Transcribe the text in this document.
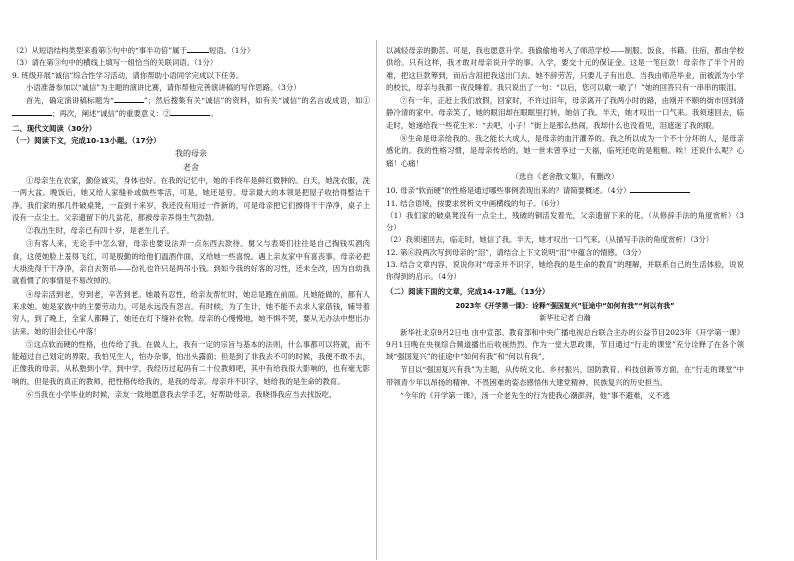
（2）从短语结构类型来看第⑤句中的“事半功倍”属于	短语。（1分）

（3）请在第③句中的横线上填写一组恰当的关联词语。（1分）

9. 班级开展“诚信”综合性学习活动，请你帮助小语同学完成以下任务。

小语准备参加以“诚信”为主题的演讲比赛，请你帮他完善演讲稿的写作思路。（3分）

首先，确定演讲稿标题为“	”；然后搜集有关“诚信”的资料，如有关“诚信”的名言或成语，如①；再次，阐述“诚信”的重要意义：②	。

二、现代文阅读（30分）

（一）阅读下文，完成10-13小题。（17分）

我的母亲

老舍

①母亲生在农家，勤俭诚实，身体也好。在我的记忆中，她的手终年是鲜红微肿的。白天，她洗衣服，洗一两大盆。晚饭后，她又给人家缝补或做些零活，可是，她还是穷。母亲最大的本领是把屋子收拾得整洁干净。我们家的那几件破桌凳，一直到十来岁，我还没有用过一件新的，可是母亲把它们擦得干干净净，桌子上没有一点尘土。父亲遗留下的几盆花，都被母亲养得生气勃勃。

②我出生时，母亲已有四十岁，是老生儿子。

③有客人来，无论手中怎么窘，母亲也要设法弄一点东西去款待。舅父与表哥们往往是自己掏钱买酒肉食，这使她脸上羞得飞红，可是殷勤的给他们温酒作面，又给她一些喜悦。遇上亲友家中有喜丧事，母亲必把大褂洗得干干净净，亲自去贺吊——份礼也许只是两吊小钱。到如今我的好客的习性，还未全改，因为自幼我就看惯了的事情是不易改掉的。

④母亲活到老，穷到老，辛苦到老。她最有忍性，给亲友帮忙时，她总是跑在前面。凡她能做的，都有人来求她。她是家族中的主要劳动力，可是永远没有怨言。有时候，为了生计，她不能不去求人家借钱，辅导着穷人，到了晚上，全家人都睡了，她还在灯下缝补衣物。母亲的心慢慢地，她不惧不哭，要从无办法中想出办法来。她的泪会往心中落！

⑤这点软而硬的性格，也传给了我。在做人上，我有一定的宗旨与基本的法则，什么事都可以将就，而不能超过自己划定的界限。我怕见生人，怕办杂事，怕出头露面；但是到了非我去不可的时候，我便不敢不去，正像我的母亲。从私塾到小学，到中学，我经历过起码有二十位教师吧，其中有给我很大影响的，也有毫无影响的，但是我的真正的教师，把性格传给我的，是我的母亲。母亲并不识字，她给我的是生命的教育。

⑥当我在小学毕业的时候，亲友一致地愿意我去学手艺，好帮助母亲。我晓得我应当去找饭吃，

以减轻母亲的勤苦。可是，我也愿意升学。我偷偷地考入了师范学校——制服、饭食、书籍、住宿，都由学校供给。只有这样，我才敢对母亲说升学的事。入学，要交十元的保证金。这是一笔巨款！母亲作了半个月的难，把这巨款筹到，而后含泪把我送出门去。她不辞劳苦，只要儿子有出息。当我由师范毕业，而被派为小学的校长，母亲与我都一夜没睡着。我只说出了一句：“以后，您可以歇一歇了！”她的回答只有一串串的眼泪。

⑦有一年，正赶上我们放假，回家时，不许过旧年，母亲离开了我两小时的路，由刚开不顺的街市回到清静冷清的家中。母亲笑了，她的眼泪却在眼眶里打转，她信了我。半天，她才叹出一口气来。我须速回去，临走时，她递给我一些花生米：“去吧，小子！”街上是那么热闹，我却什么也没看见，泪遮迷了我的眼。

⑧生命是母亲给我的。我之能长大成人，是母亲的血汗灌养的。我之所以成为一个不十分坏的人，是母亲感化的。我的性格习惯，是母亲传给的。她一世未曾享过一天福，临死还吃的是粗粮。唉！还说什么呢？心痛！心痛！

（选自《老舍散文集》，有删改）

10. 母亲“软而硬”的性格是通过哪些事例表现出来的？请简要概述。（4分）

11. 结合语境，按要求赏析文中画横线的句子。（6分）

（1）我们家的破桌凳没有一点尘土，残破的铜活发着光，父亲遗留下来的花。（从修辞手法的角度赏析）（3分）

（2）我须速回去，临走时，她信了我。半天，她才叹出一口气来。（从描写手法的角度赏析）（3分）

12. 第⑥段两次写到母亲的“泪”，请结合上下文说明“泪”中蕴含的情感。（3分）

13. 结合文章内容，说说你对“母亲并不识字，她给我的是生命的教育”的理解，并联系自己的生活体验，说说你得到的启示。（4分）

（二）阅读下面的文章，完成14-17题。（13分）

2023年《开学第一课》：诠释“强国复兴”征途中“如何有我”“何以有我”

新华社记者 白瀚

新华社北京9月2日电 由中宣部、教育部和中央广播电视总台联合主办的公益节目2023年《开学第一课》9月1日晚在央视综合频道播出后收视热烈。作为一堂大思政课，节目通过“行走的课堂”充分诠释了在各个领域“强国复兴”的征途中“如何有我”和“何以有我”。

节目以“强国复兴有我”为主题，从传统文化、乡村振兴、国防教育、科技创新等方面，在“行走的课堂”中带领青少年以昂扬的精神、不畏困难的姿态感悟伟大建党精神、民族复兴的历史担当。

“今年的《开学第一课》，汤一介老先生的行为使我心潮澎湃，他“事不避难，义不逃
